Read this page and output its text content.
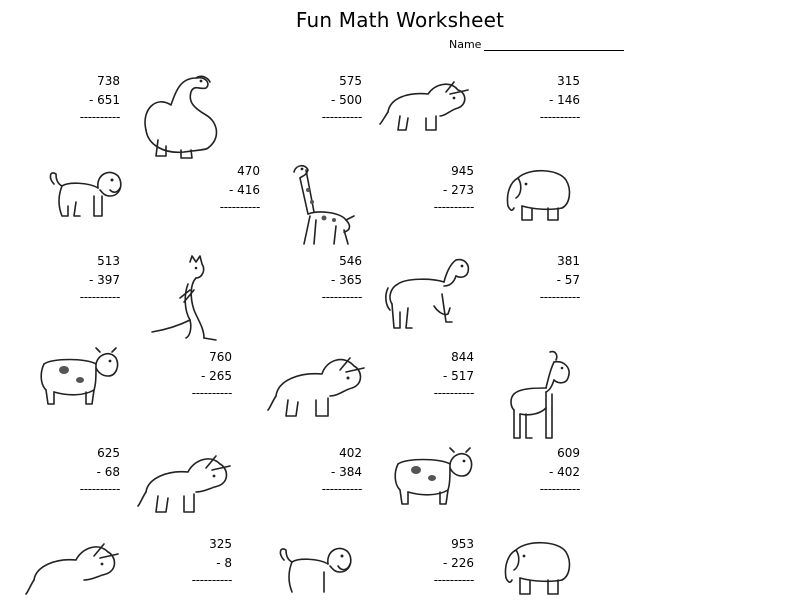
Fun Math Worksheet
Name
738
- 651
----------
575
- 500
----------
315
- 146
----------
470
- 416
----------
945
- 273
----------
513
- 397
----------
546
- 365
----------
381
- 57
----------
760
- 265
----------
844
- 517
----------
625
- 68
----------
402
- 384
----------
609
- 402
----------
325
- 8
----------
953
- 226
----------
